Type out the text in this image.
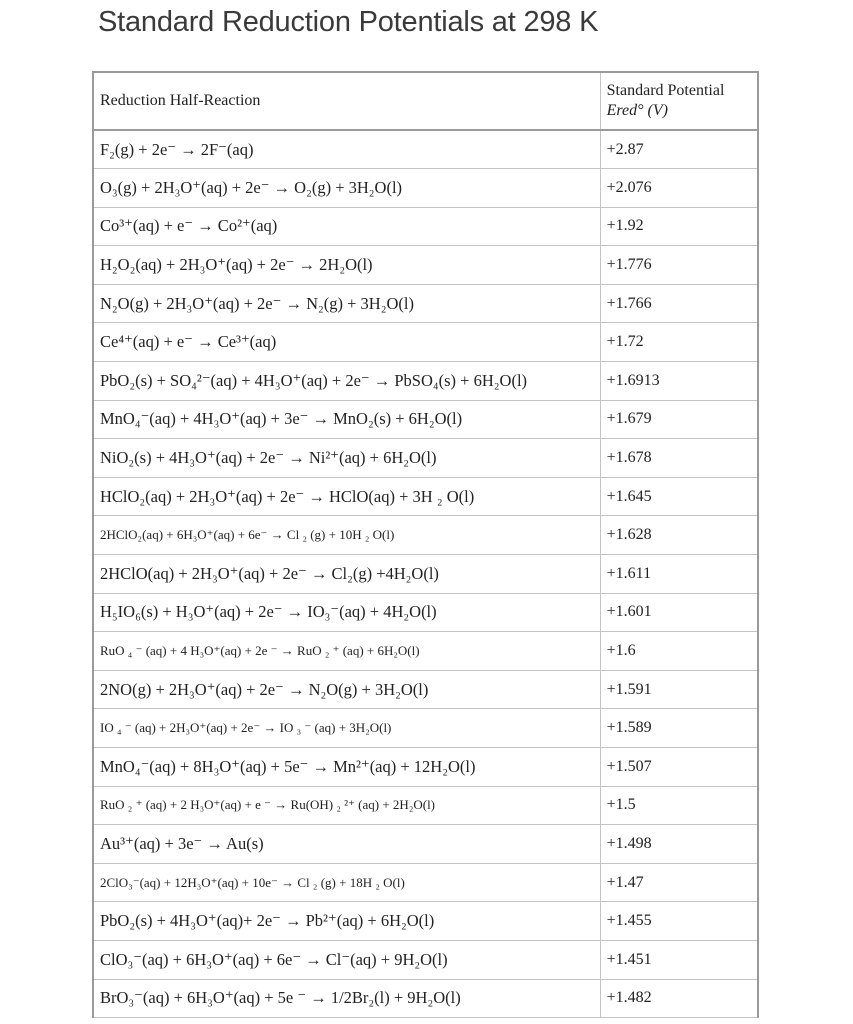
Standard Reduction Potentials at 298 K
Reduction Half-Reaction	Standard Potential
Ered° (V)

F₂(g) + 2e⁻ → 2F⁻(aq)	+2.87
O₃(g) + 2H₃O⁺(aq) + 2e⁻ → O₂(g) + 3H₂O(l)	+2.076
Co³⁺(aq) + e⁻ → Co²⁺(aq)	+1.92
H₂O₂(aq) + 2H₃O⁺(aq) + 2e⁻ → 2H₂O(l)	+1.776
N₂O(g) + 2H₃O⁺(aq) + 2e⁻ → N₂(g) + 3H₂O(l)	+1.766
Ce⁴⁺(aq) + e⁻ → Ce³⁺(aq)	+1.72
PbO₂(s) + SO₄²⁻(aq) + 4H₃O⁺(aq) + 2e⁻ → PbSO₄(s) + 6H₂O(l)	+1.6913
MnO₄⁻(aq) + 4H₃O⁺(aq) + 3e⁻ → MnO₂(s) + 6H₂O(l)	+1.679
NiO₂(s) + 4H₃O⁺(aq) + 2e⁻ → Ni²⁺(aq) + 6H₂O(l)	+1.678
HClO₂(aq) + 2H₃O⁺(aq) + 2e⁻ → HClO(aq) + 3H ₂ O(l)	+1.645
2HClO₂(aq) + 6H₃O⁺(aq) + 6e⁻ → Cl ₂ (g) + 10H ₂ O(l)	+1.628
2HClO(aq) + 2H₃O⁺(aq) + 2e⁻ → Cl₂(g) +4H₂O(l)	+1.611
H₅IO₆(s) + H₃O⁺(aq) + 2e⁻ → IO₃⁻(aq) + 4H₂O(l)	+1.601
RuO ₄ ⁻ (aq) + 4 H₃O⁺(aq) + 2e ⁻ → RuO ₂ ⁺ (aq) + 6H₂O(l)	+1.6
2NO(g) + 2H₃O⁺(aq) + 2e⁻ → N₂O(g) + 3H₂O(l)	+1.591
IO ₄ ⁻ (aq) + 2H₃O⁺(aq) + 2e⁻ → IO ₃ ⁻ (aq) + 3H₂O(l)	+1.589
MnO₄⁻(aq) + 8H₃O⁺(aq) + 5e⁻ → Mn²⁺(aq) + 12H₂O(l)	+1.507
RuO ₂ ⁺ (aq) + 2 H₃O⁺(aq) + e ⁻ → Ru(OH) ₂ ²⁺ (aq) + 2H₂O(l)	+1.5
Au³⁺(aq) + 3e⁻ → Au(s)	+1.498
2ClO₃⁻(aq) + 12H₃O⁺(aq) + 10e⁻ → Cl ₂ (g) + 18H ₂ O(l)	+1.47
PbO₂(s) + 4H₃O⁺(aq)+ 2e⁻ → Pb²⁺(aq) + 6H₂O(l)	+1.455
ClO₃⁻(aq) + 6H₃O⁺(aq) + 6e⁻ → Cl⁻(aq) + 9H₂O(l)	+1.451
BrO₃⁻(aq) + 6H₃O⁺(aq) + 5e ⁻ → 1/2Br₂(l) + 9H₂O(l)	+1.482
